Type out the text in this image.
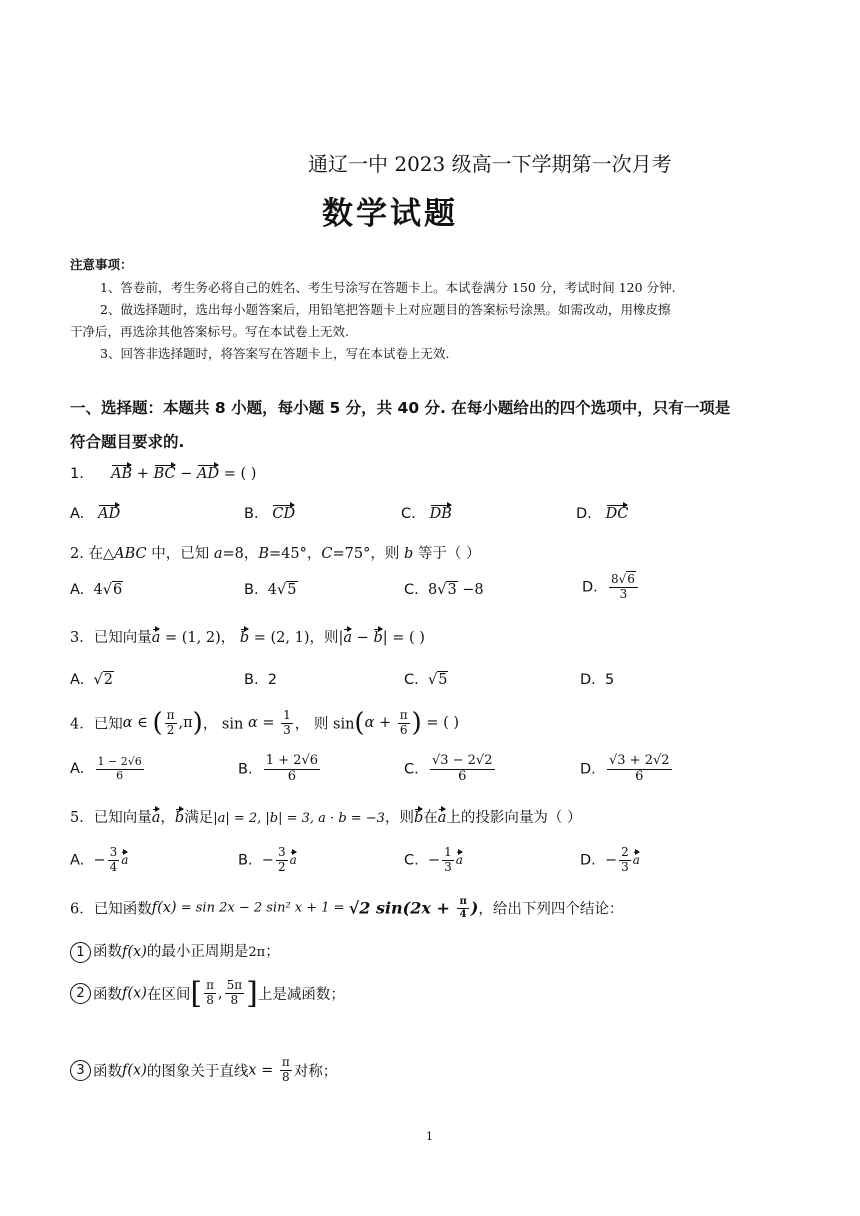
通辽一中 2023 级高一下学期第一次月考
数学试题
注意事项：
1、答卷前，考生务必将自己的姓名、考生号涂写在答题卡上。本试卷满分 150 分，考试时间 120 分钟.
2、做选择题时，选出每小题答案后，用铅笔把答题卡上对应题目的答案标号涂黑。如需改动，用橡皮擦
干净后，再选涂其他答案标号。写在本试卷上无效.
3、回答非选择题时，将答案写在答题卡上，写在本试卷上无效.
一、选择题：本题共 8 小题，每小题 5 分，共 40 分. 在每小题给出的四个选项中，只有一项是
符合题目要求的.
1. AB + BC − AD = ( )
A. AD	B. CD	C. DB	D. DC
2. 在△ABC 中，已知 a=8，B=45°，C=75°，则 b 等于（ ）
A. 4√6	B. 4√5	C. 8√3 −8	D. $\frac{8√6}{3}$
3．已知向量a = (1, 2)， b = (2, 1)，则|a − b| = ( )
A. √2	B. 2	C. √5	D. 5
4．已知α ∈ ( $\frac{\pi}{2} ,\pi$)， $\sin \alpha = \frac{1}{3}$ ， 则 $\sin(\alpha + \frac{\pi}{6}$ ) = ( )
A. $\frac{1 - 2√6}{6}$	B. $\frac{1 + 2√6}{6}$	C. $\frac{√3 - 2√2}{6}$	D. $\frac{√3 + 2√2}{6}$
5．已知向量a，b满足|a| = 2, |b| = 3, a · b = −3，则b在a上的投影向量为（ ）
A. − $\frac{3}{4}$ a	B. − $\frac{3}{2}$ a	C. − $\frac{1}{3}$ a	D. − $\frac{2}{3}$ a
6．已知函数f(x) = sin 2x − 2 sin² x + 1 = √2 $\sin(2x + \frac{\pi}{4}$ )，给出下列四个结论：
1 函数f(x)的最小正周期是2π；
2 函数f(x)在区间[ $\frac{\pi}{8}$ , $\frac{5\pi}{8}$ ]上是减函数；
3 函数f(x)的图象关于直线$x = \frac{\pi}{8}$ 对称；
1
